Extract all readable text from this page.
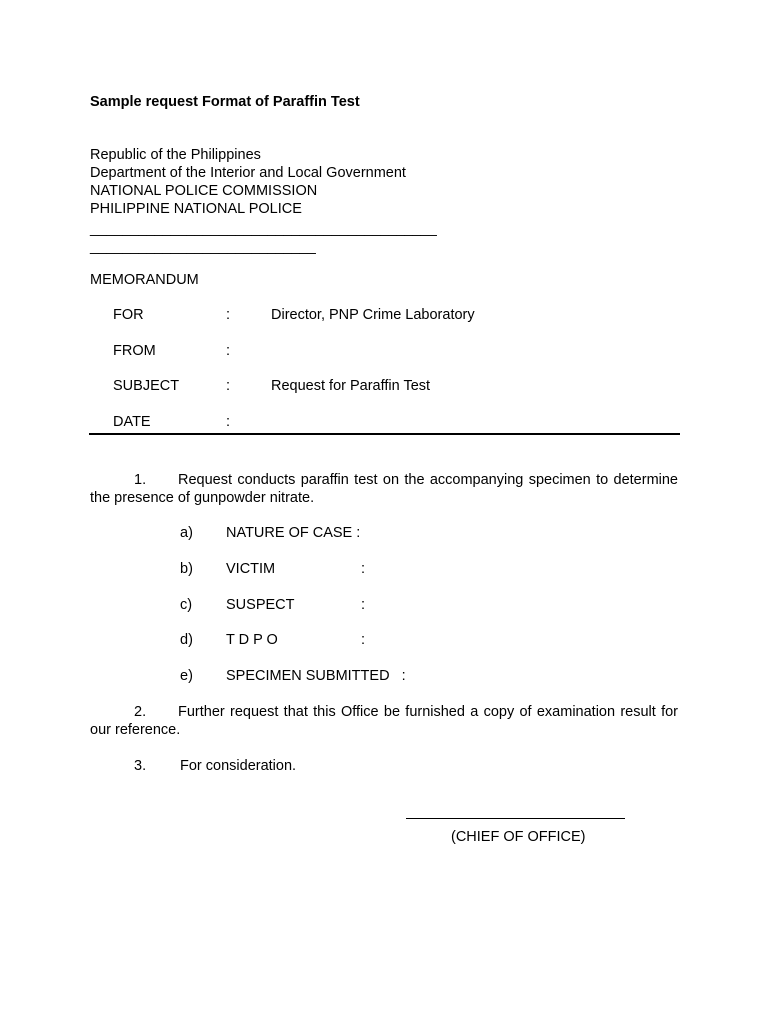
Sample request Format of Paraffin Test
Republic of the Philippines
Department of the Interior and Local Government
NATIONAL POLICE COMMISSION
PHILIPPINE NATIONAL POLICE
___________________________________________
____________________________
MEMORANDUM
FOR	:	Director, PNP Crime Laboratory
FROM	:
SUBJECT	:	Request for Paraffin Test
DATE	:
1. Request conducts paraffin test on the accompanying specimen to determine the presence of gunpowder nitrate.
a) NATURE OF CASE :
b) VICTIM	:
c) SUSPECT	:
d) T D P O	:
e) SPECIMEN SUBMITTED   :
2. Further request that this Office be furnished a copy of examination result for our reference.
3. For consideration.
(CHIEF OF OFFICE)
